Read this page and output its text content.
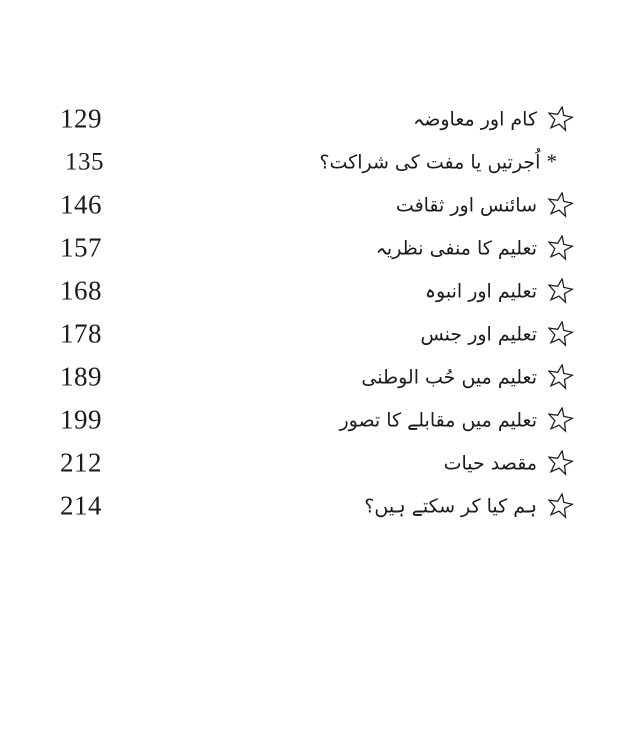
129	کام اور معاوضہ
135	* اُجرتیں یا مفت کی شراکت؟
146	سائنس اور ثقافت
157	تعلیم کا منفی نظریہ
168	تعلیم اور انبوہ
178	تعلیم اور جنس
189	تعلیم میں حُب الوطنی
199	تعلیم میں مقابلے کا تصور
212	مقصد حیات
214	ہم کیا کر سکتے ہیں؟
